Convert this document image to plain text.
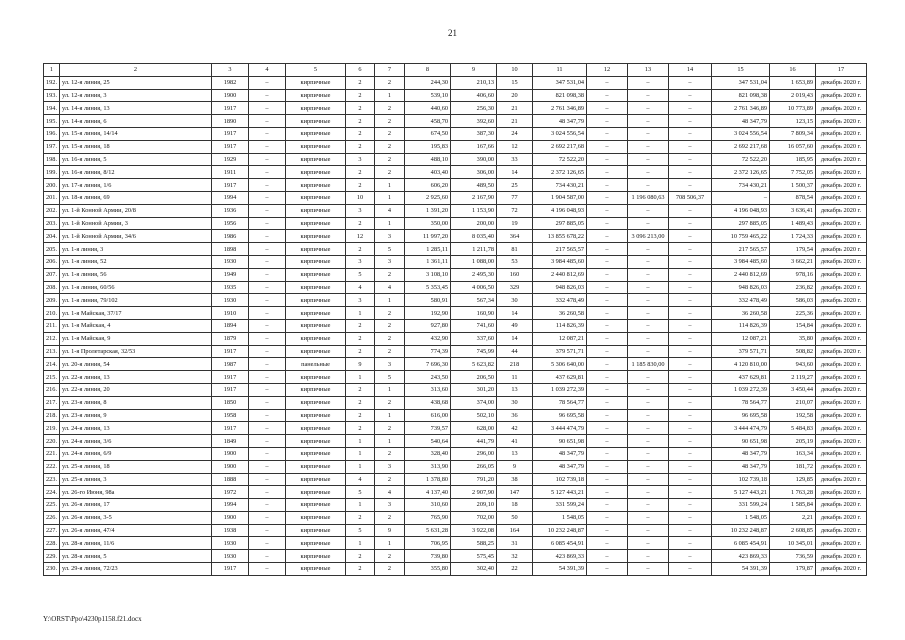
21
1	2	3	4	5	6	7	8	9	10	11	12	13	14	15	16	17
192.	ул. 12-я линия, 25	1982	–	кирпичные	2	2	244,30	210,13	15	347 531,04	–	–	–	347 531,04	1 653,89	декабрь 2020 г.
193.	ул. 12-я линия, 3	1900	–	кирпичные	2	1	539,10	406,60	20	821 098,38	–	–	–	821 098,38	2 019,43	декабрь 2020 г.
194.	ул. 14-я линия, 13	1917	–	кирпичные	2	2	440,60	256,30	21	2 761 346,89	–	–	–	2 761 346,89	10 773,89	декабрь 2020 г.
195.	ул. 14-я линия, 6	1890	–	кирпичные	2	2	458,70	392,60	21	48 347,79	–	–	–	48 347,79	123,15	декабрь 2020 г.
196.	ул. 15-я линия, 14/14	1917	–	кирпичные	2	2	674,50	387,30	24	3 024 556,54	–	–	–	3 024 556,54	7 809,34	декабрь 2020 г.
197.	ул. 15-я линия, 18	1917	–	кирпичные	2	2	195,83	167,66	12	2 692 217,68	–	–	–	2 692 217,68	16 057,60	декабрь 2020 г.
198.	ул. 16-я линия, 5	1929	–	кирпичные	3	2	488,10	390,00	33	72 522,20	–	–	–	72 522,20	185,95	декабрь 2020 г.
199.	ул. 16-я линия, 8/12	1911	–	кирпичные	2	2	403,40	306,00	14	2 372 126,65	–	–	–	2 372 126,65	7 752,05	декабрь 2020 г.
200.	ул. 17-я линия, 1/6	1917	–	кирпичные	2	1	606,20	489,50	25	734 430,21	–	–	–	734 430,21	1 500,37	декабрь 2020 г.
201.	ул. 18-я линия, 69	1994	–	кирпичные	10	1	2 925,60	2 167,90	77	1 904 587,00	–	1 196 080,63	708 506,37	–	878,54	декабрь 2020 г.
202.	ул. 1-й Конной Армии, 20/8	1936	–	кирпичные	3	4	1 391,20	1 153,90	72	4 196 048,93	–	–	–	4 196 048,93	3 636,41	декабрь 2020 г.
203.	ул. 1-й Конной Армии, 3	1956	–	кирпичные	2	1	350,00	200,00	19	297 885,05	–	–	–	297 885,05	1 489,43	декабрь 2020 г.
204.	ул. 1-й Конной Армии, 34/6	1986	–	кирпичные	12	3	11 997,20	8 035,40	364	13 855 678,22	–	3 096 213,00	–	10 759 465,22	1 724,33	декабрь 2020 г.
205.	ул. 1-я линия, 3	1898	–	кирпичные	2	5	1 285,11	1 211,78	81	217 565,57	–	–	–	217 565,57	179,54	декабрь 2020 г.
206.	ул. 1-я линия, 52	1930	–	кирпичные	3	3	1 361,11	1 088,00	53	3 984 485,60	–	–	–	3 984 485,60	3 662,21	декабрь 2020 г.
207.	ул. 1-я линия, 56	1949	–	кирпичные	5	2	3 108,10	2 495,30	160	2 440 812,69	–	–	–	2 440 812,69	978,16	декабрь 2020 г.
208.	ул. 1-я линия, 60/56	1935	–	кирпичные	4	4	5 353,45	4 006,50	329	948 826,03	–	–	–	948 826,03	236,82	декабрь 2020 г.
209.	ул. 1-я линия, 79/102	1930	–	кирпичные	3	1	580,91	567,34	30	332 478,49	–	–	–	332 478,49	586,03	декабрь 2020 г.
210.	ул. 1-я Майская, 37/17	1910	–	кирпичные	1	2	192,90	160,90	14	36 260,58	–	–	–	36 260,58	225,36	декабрь 2020 г.
211.	ул. 1-я Майская, 4	1894	–	кирпичные	2	2	927,80	741,60	49	114 826,39	–	–	–	114 826,39	154,84	декабрь 2020 г.
212.	ул. 1-я Майская, 9	1879	–	кирпичные	2	2	432,90	337,60	14	12 087,21	–	–	–	12 087,21	35,80	декабрь 2020 г.
213.	ул. 1-я Пролетарская, 32/53	1917	–	кирпичные	2	2	774,39	745,99	44	379 571,71	–	–	–	379 571,71	508,82	декабрь 2020 г.
214.	ул. 20-я линия, 54	1987	–	панельные	9	3	7 696,30	5 623,82	218	5 306 640,00	–	1 185 830,00	–	4 120 810,00	943,60	декабрь 2020 г.
215.	ул. 22-я линия, 13	1917	–	кирпичные	1	5	243,50	206,50	11	437 629,81	–	–	–	437 629,81	2 119,27	декабрь 2020 г.
216.	ул. 22-я линия, 20	1917	–	кирпичные	2	1	313,60	301,20	13	1 039 272,39	–	–	–	1 039 272,39	3 450,44	декабрь 2020 г.
217.	ул. 23-я линия, 8	1850	–	кирпичные	2	2	438,68	374,00	30	78 564,77	–	–	–	78 564,77	210,07	декабрь 2020 г.
218.	ул. 23-я линия, 9	1958	–	кирпичные	2	1	616,00	502,10	36	96 695,58	–	–	–	96 695,58	192,58	декабрь 2020 г.
219.	ул. 24-я линия, 13	1917	–	кирпичные	2	2	739,57	628,00	42	3 444 474,79	–	–	–	3 444 474,79	5 484,83	декабрь 2020 г.
220.	ул. 24-я линия, 3/6	1849	–	кирпичные	1	1	540,64	441,79	41	90 651,98	–	–	–	90 651,98	205,19	декабрь 2020 г.
221.	ул. 24-я линия, 6/9	1900	–	кирпичные	1	2	328,40	296,00	13	48 347,79	–	–	–	48 347,79	163,34	декабрь 2020 г.
222.	ул. 25-я линия, 18	1900	–	кирпичные	1	3	313,90	266,05	9	48 347,79	–	–	–	48 347,79	181,72	декабрь 2020 г.
223.	ул. 25-я линия, 3	1888	–	кирпичные	4	2	1 378,80	791,20	38	102 739,18	–	–	–	102 739,18	129,85	декабрь 2020 г.
224.	ул. 26-го Июня, 98а	1972	–	кирпичные	5	4	4 137,40	2 907,90	147	5 127 443,21	–	–	–	5 127 443,21	1 763,28	декабрь 2020 г.
225.	ул. 26-я линия, 17	1994	–	кирпичные	1	3	310,60	209,10	18	331 599,24	–	–	–	331 599,24	1 585,84	декабрь 2020 г.
226.	ул. 26-я линия, 3-5	1900	–	кирпичные	2	2	765,90	702,00	50	1 548,05	–	–	–	1 548,05	2,21	декабрь 2020 г.
227.	ул. 26-я линия, 47/4	1938	–	кирпичные	5	9	5 631,28	3 922,08	164	10 232 248,87	–	–	–	10 232 248,87	2 608,85	декабрь 2020 г.
228.	ул. 28-я линия, 11/6	1930	–	кирпичные	1	1	706,95	588,25	31	6 085 454,91	–	–	–	6 085 454,91	10 345,01	декабрь 2020 г.
229.	ул. 28-я линия, 5	1930	–	кирпичные	2	2	739,80	575,45	32	423 869,33	–	–	–	423 869,33	736,59	декабрь 2020 г.
230.	ул. 29-я линия, 72/23	1917	–	кирпичные	2	2	355,80	302,40	22	54 391,39	–	–	–	54 391,39	179,87	декабрь 2020 г.
Y:\ORST\Ppo\4230p1158.f21.docx
